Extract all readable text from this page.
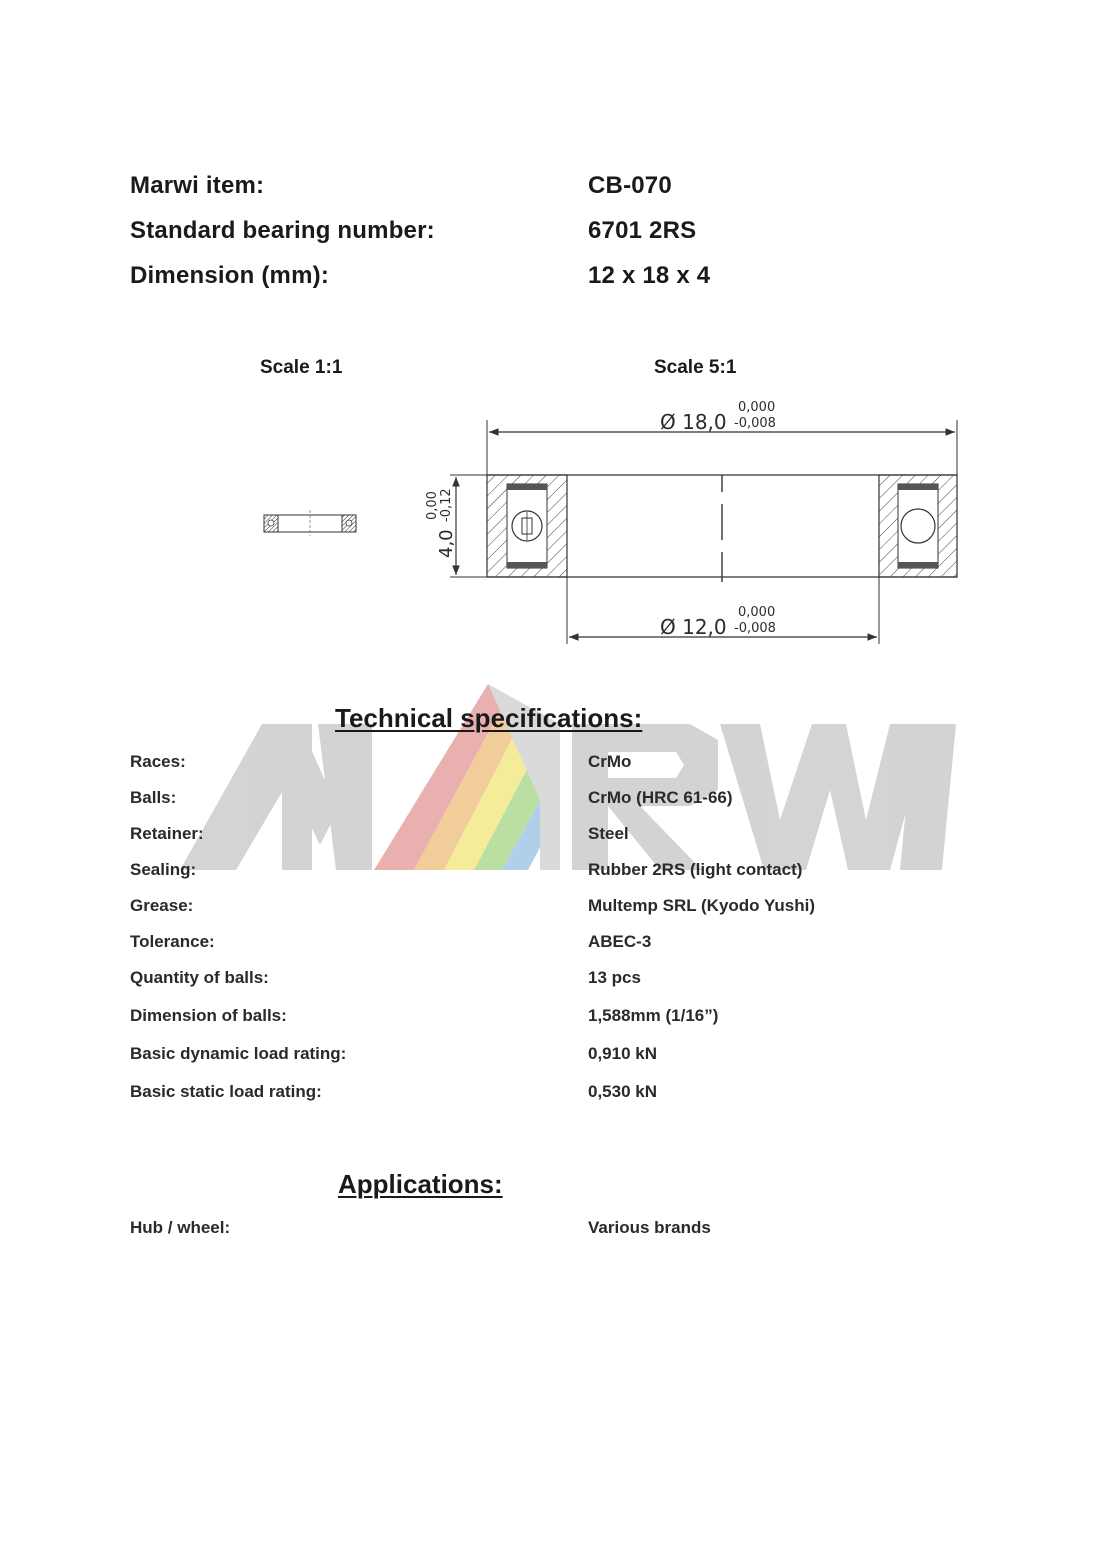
Marwi item:	CB-070
Standard bearing number:	6701 2RS
Dimension (mm):	12 x 18 x 4
Scale 1:1	Scale 5:1
Ø 18,0
0,000
-0,008
4,0
0,00 -0,12
Ø 12,0
0,000
-0,008
Technical specifications:
Races:	CrMo
Balls:	CrMo (HRC 61-66)
Retainer:	Steel
Sealing:	Rubber 2RS (light contact)
Grease:	Multemp SRL (Kyodo Yushi)
Tolerance:	ABEC-3
Quantity of balls:	13 pcs
Dimension of balls:	1,588mm (1/16”)
Basic dynamic load rating:	0,910 kN
Basic static load rating:	0,530 kN
Applications:
Hub / wheel:	Various brands
